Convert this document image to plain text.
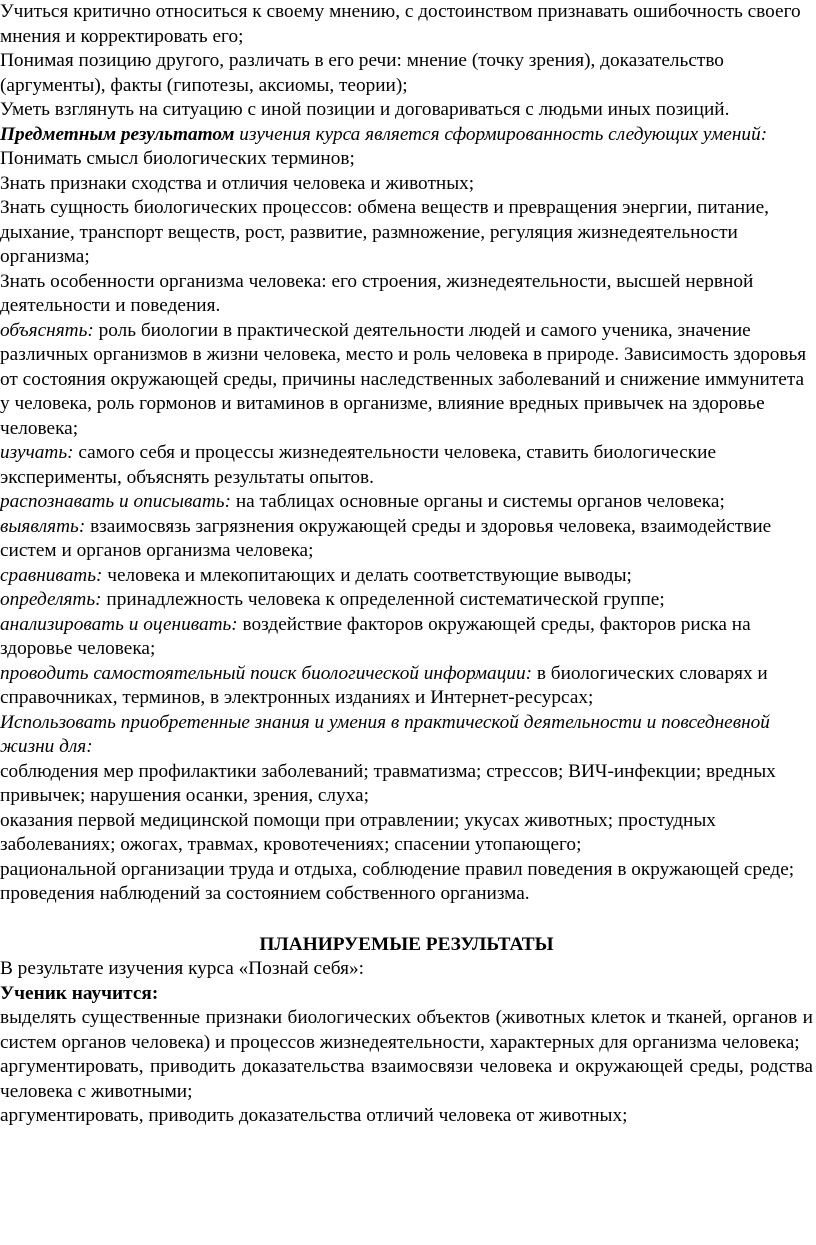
Учиться критично относиться к своему мнению, с достоинством признавать ошибочность своего мнения и корректировать его;

Понимая позицию другого, различать в его речи: мнение (точку зрения), доказательство (аргументы), факты (гипотезы, аксиомы, теории);

Уметь взглянуть на ситуацию с иной позиции и договариваться с людьми иных позиций.

Предметным результатом изучения курса является сформированность следующих умений:

Понимать смысл биологических терминов;

Знать признаки сходства и отличия человека и животных;

Знать сущность биологических процессов: обмена веществ и превращения энергии, питание, дыхание, транспорт веществ, рост, развитие, размножение, регуляция жизнедеятельности организма;

Знать особенности организма человека: его строения, жизнедеятельности, высшей нервной деятельности и поведения.

объяснять: роль биологии в практической деятельности людей и самого ученика, значение различных организмов в жизни человека, место и роль человека в природе. Зависимость здоровья от состояния окружающей среды, причины наследственных заболеваний и снижение иммунитета у человека, роль гормонов и витаминов в организме, влияние вредных привычек на здоровье человека;

изучать: самого себя и процессы жизнедеятельности человека, ставить биологические эксперименты, объяснять результаты опытов.

распознавать и описывать: на таблицах основные органы и системы органов человека;

выявлять: взаимосвязь загрязнения окружающей среды и здоровья человека, взаимодействие систем и органов организма человека;

сравнивать: человека и млекопитающих и делать соответствующие выводы;

определять: принадлежность человека к определенной систематической группе;

анализировать и оценивать: воздействие факторов окружающей среды, факторов риска на здоровье человека;

проводить самостоятельный поиск биологической информации: в биологических словарях и справочниках, терминов, в электронных изданиях и Интернет-ресурсах;

Использовать приобретенные знания и умения в практической деятельности и повседневной жизни для:

соблюдения мер профилактики заболеваний; травматизма; стрессов; ВИЧ-инфекции; вредных привычек; нарушения осанки, зрения, слуха;

оказания первой медицинской помощи при отравлении; укусах животных; простудных заболеваниях; ожогах, травмах, кровотечениях; спасении утопающего;

рациональной организации труда и отдыха, соблюдение правил поведения в окружающей среде;

проведения наблюдений за состоянием собственного организма.

ПЛАНИРУЕМЫЕ РЕЗУЛЬТАТЫ

В результате изучения курса «Познай себя»:

Ученик научится:

выделять существенные признаки биологических объектов (животных клеток и тканей, органов и систем органов человека) и процессов жизнедеятельности, характерных для организма человека;

аргументировать, приводить доказательства взаимосвязи человека и окружающей среды, родства человека с животными;

аргументировать, приводить доказательства отличий человека от животных;
